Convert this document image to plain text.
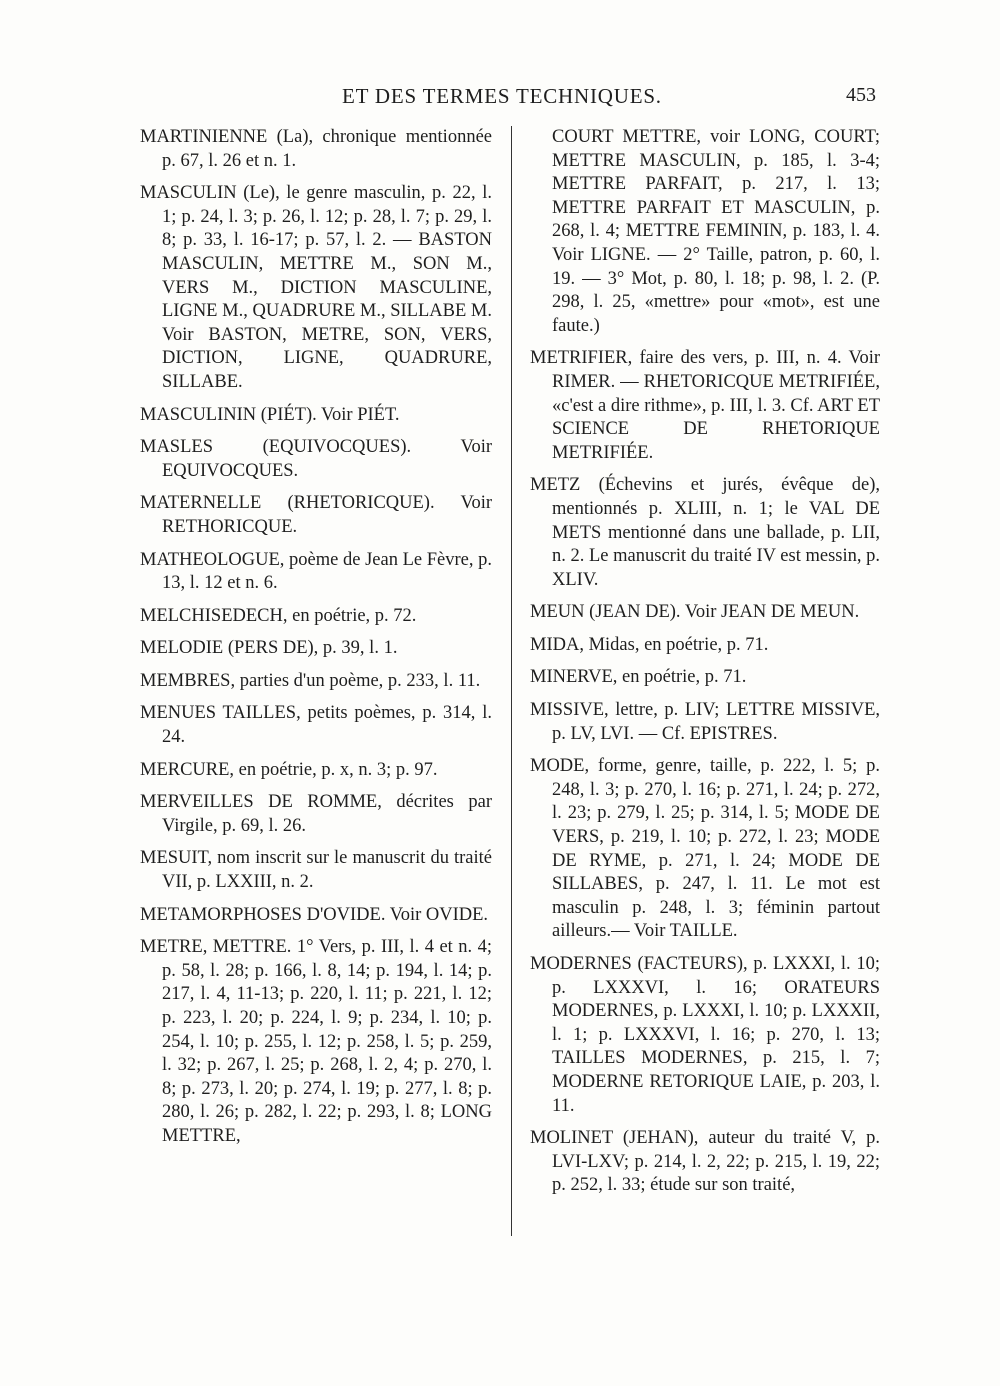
ET DES TERMES TECHNIQUES.	453

MARTINIENNE (La), chronique mentionnée p. 67, l. 26 et n. 1.

MASCULIN (Le), le genre masculin, p. 22, l. 1; p. 24, l. 3; p. 26, l. 12; p. 28, l. 7; p. 29, l. 8; p. 33, l. 16-17; p. 57, l. 2. — BASTON MASCULIN, METTRE M., SON M., VERS M., DICTION MASCULINE, LIGNE M., QUADRURE M., SILLABE M. Voir BASTON, METRE, SON, VERS, DICTION, LIGNE, QUADRURE, SILLABE.

MASCULININ (PIÉT). Voir PIÉT.

MASLES (EQUIVOCQUES). Voir EQUIVOCQUES.

MATERNELLE (RHETORICQUE). Voir RETHORICQUE.

MATHEOLOGUE, poème de Jean Le Fèvre, p. 13, l. 12 et n. 6.

MELCHISEDECH, en poétrie, p. 72.

MELODIE (PERS DE), p. 39, l. 1.

MEMBRES, parties d'un poème, p. 233, l. 11.

MENUES TAILLES, petits poèmes, p. 314, l. 24.

MERCURE, en poétrie, p. x, n. 3; p. 97.

MERVEILLES DE ROMME, décrites par Virgile, p. 69, l. 26.

MESUIT, nom inscrit sur le manuscrit du traité VII, p. LXXIII, n. 2.

METAMORPHOSES D'OVIDE. Voir OVIDE.

METRE, METTRE. 1° Vers, p. III, l. 4 et n. 4; p. 58, l. 28; p. 166, l. 8, 14; p. 194, l. 14; p. 217, l. 4, 11-13; p. 220, l. 11; p. 221, l. 12; p. 223, l. 20; p. 224, l. 9; p. 234, l. 10; p. 254, l. 10; p. 255, l. 12; p. 258, l. 5; p. 259, l. 32; p. 267, l. 25; p. 268, l. 2, 4; p. 270, l. 8; p. 273, l. 20; p. 274, l. 19; p. 277, l. 8; p. 280, l. 26; p. 282, l. 22; p. 293, l. 8; LONG METTRE,

COURT METTRE, voir LONG, COURT; METTRE MASCULIN, p. 185, l. 3-4; METTRE PARFAIT, p. 217, l. 13; METTRE PARFAIT ET MASCULIN, p. 268, l. 4; METTRE FEMININ, p. 183, l. 4. Voir LIGNE. — 2° Taille, patron, p. 60, l. 19. — 3° Mot, p. 80, l. 18; p. 98, l. 2. (P. 298, l. 25, «mettre» pour «mot», est une faute.)

METRIFIER, faire des vers, p. III, n. 4. Voir RIMER. — RHETORICQUE METRIFIÉE, «c'est a dire rithme», p. III, l. 3. Cf. ART ET SCIENCE DE RHETORIQUE METRIFIÉE.

METZ (Échevins et jurés, évêque de), mentionnés p. XLIII, n. 1; le VAL DE METS mentionné dans une ballade, p. LII, n. 2. Le manuscrit du traité IV est messin, p. XLIV.

MEUN (JEAN DE). Voir JEAN DE MEUN.

MIDA, Midas, en poétrie, p. 71.

MINERVE, en poétrie, p. 71.

MISSIVE, lettre, p. LIV; LETTRE MISSIVE, p. LV, LVI. — Cf. EPISTRES.

MODE, forme, genre, taille, p. 222, l. 5; p. 248, l. 3; p. 270, l. 16; p. 271, l. 24; p. 272, l. 23; p. 279, l. 25; p. 314, l. 5; MODE DE VERS, p. 219, l. 10; p. 272, l. 23; MODE DE RYME, p. 271, l. 24; MODE DE SILLABES, p. 247, l. 11. Le mot est masculin p. 248, l. 3; féminin partout ailleurs.— Voir TAILLE.

MODERNES (FACTEURS), p. LXXXI, l. 10; p. LXXXVI, l. 16; ORATEURS MODERNES, p. LXXXI, l. 10; p. LXXXII, l. 1; p. LXXXVI, l. 16; p. 270, l. 13; TAILLES MODERNES, p. 215, l. 7; MODERNE RETORIQUE LAIE, p. 203, l. 11.

MOLINET (JEHAN), auteur du traité V, p. LVI-LXV; p. 214, l. 2, 22; p. 215, l. 19, 22; p. 252, l. 33; étude sur son traité,
